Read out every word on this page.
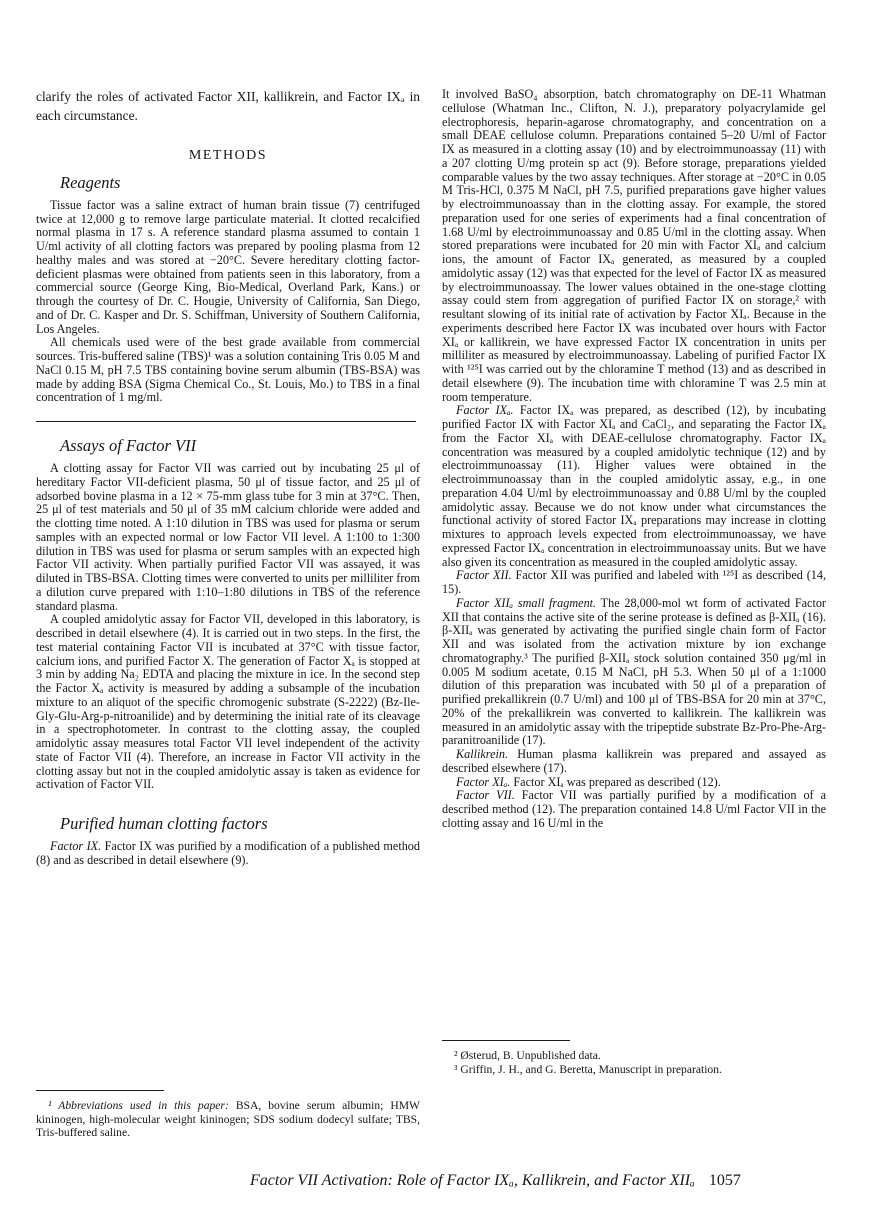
clarify the roles of activated Factor XII, kallikrein, and Factor IXₐ in each circumstance.

METHODS
Reagents

Tissue factor was a saline extract of human brain tissue (7) centrifuged twice at 12,000 g to remove large particulate material. It clotted recalcified normal plasma in 17 s. A reference standard plasma assumed to contain 1 U/ml activity of all clotting factors was prepared by pooling plasma from 12 healthy males and was stored at −20°C. Severe hereditary clotting factor-deficient plasmas were obtained from patients seen in this laboratory, from a commercial source (George King, Bio-Medical, Overland Park, Kans.) or through the courtesy of Dr. C. Hougie, University of California, San Diego, and of Dr. C. Kasper and Dr. S. Schiffman, University of Southern California, Los Angeles.

All chemicals used were of the best grade available from commercial sources. Tris-buffered saline (TBS)¹ was a solution containing Tris 0.05 M and NaCl 0.15 M, pH 7.5 TBS containing bovine serum albumin (TBS-BSA) was made by adding BSA (Sigma Chemical Co., St. Louis, Mo.) to TBS in a final concentration of 1 mg/ml.

Assays of Factor VII

A clotting assay for Factor VII was carried out by incubating 25 μl of hereditary Factor VII-deficient plasma, 50 μl of tissue factor, and 25 μl of adsorbed bovine plasma in a 12 × 75-mm glass tube for 3 min at 37°C. Then, 25 μl of test materials and 50 μl of 35 mM calcium chloride were added and the clotting time noted. A 1:10 dilution in TBS was used for plasma or serum samples with an expected normal or low Factor VII level. A 1:100 to 1:300 dilution in TBS was used for plasma or serum samples with an expected high Factor VII activity. When partially purified Factor VII was assayed, it was diluted in TBS-BSA. Clotting times were converted to units per milliliter from a dilution curve prepared with 1:10–1:80 dilutions in TBS of the reference standard plasma.

A coupled amidolytic assay for Factor VII, developed in this laboratory, is described in detail elsewhere (4). It is carried out in two steps. In the first, the test material containing Factor VII is incubated at 37°C with tissue factor, calcium ions, and purified Factor X. The generation of Factor Xₐ is stopped at 3 min by adding Na₂ EDTA and placing the mixture in ice. In the second step the Factor Xₐ activity is measured by adding a subsample of the incubation mixture to an aliquot of the specific chromogenic substrate (S-2222) (Bz-Ile-Gly-Glu-Arg-p-nitroanilide) and by determining the initial rate of its cleavage in a spectrophotometer. In contrast to the clotting assay, the coupled amidolytic assay measures total Factor VII level independent of the activity state of Factor VII (4). Therefore, an increase in Factor VII activity in the clotting assay but not in the coupled amidolytic assay is taken as evidence for activation of Factor VII.

Purified human clotting factors

Factor IX. Factor IX was purified by a modification of a published method (8) and as described in detail elsewhere (9).

¹ Abbreviations used in this paper: BSA, bovine serum albumin; HMW kininogen, high-molecular weight kininogen; SDS sodium dodecyl sulfate; TBS, Tris-buffered saline.

It involved BaSO₄ absorption, batch chromatography on DE-11 Whatman cellulose (Whatman Inc., Clifton, N. J.), preparatory polyacrylamide gel electrophoresis, heparin-agarose chromatography, and concentration on a small DEAE cellulose column. Preparations contained 5–20 U/ml of Factor IX as measured in a clotting assay (10) and by electroimmunoassay (11) with a 207 clotting U/mg protein sp act (9). Before storage, preparations yielded comparable values by the two assay techniques. After storage at −20°C in 0.05 M Tris-HCl, 0.375 M NaCl, pH 7.5, purified preparations gave higher values by electroimmunoassay than in the clotting assay. For example, the stored preparation used for one series of experiments had a final concentration of 1.68 U/ml by electroimmunoassay and 0.85 U/ml in the clotting assay. When stored preparations were incubated for 20 min with Factor XIₐ and calcium ions, the amount of Factor IXₐ generated, as measured by a coupled amidolytic assay (12) was that expected for the level of Factor IX as measured by electroimmunoassay. The lower values obtained in the one-stage clotting assay could stem from aggregation of purified Factor IX on storage,² with resultant slowing of its initial rate of activation by Factor XIₐ. Because in the experiments described here Factor IX was incubated over hours with Factor XIₐ or kallikrein, we have expressed Factor IX concentration in units per milliliter as measured by electroimmunoassay. Labeling of purified Factor IX with ¹²⁵I was carried out by the chloramine T method (13) and as described in detail elsewhere (9). The incubation time with chloramine T was 2.5 min at room temperature.

Factor IXₐ. Factor IXₐ was prepared, as described (12), by incubating purified Factor IX with Factor XIₐ and CaCl₂, and separating the Factor IXₐ from the Factor XIₐ with DEAE-cellulose chromatography. Factor IXₐ concentration was measured by a coupled amidolytic technique (12) and by electroimmunoassay (11). Higher values were obtained in the electroimmunoassay than in the coupled amidolytic assay, e.g., in one preparation 4.04 U/ml by electroimmunoassay and 0.88 U/ml by the coupled amidolytic assay. Because we do not know under what circumstances the functional activity of stored Factor IXₐ preparations may increase in clotting mixtures to approach levels expected from electroimmunoassay, we have expressed Factor IXₐ concentration in electroimmunoassay units. But we have also given its concentration as measured in the coupled amidolytic assay.

Factor XII. Factor XII was purified and labeled with ¹²⁵I as described (14, 15).

Factor XIIₐ small fragment. The 28,000-mol wt form of activated Factor XII that contains the active site of the serine protease is defined as β-XIIₐ (16). β-XIIₐ was generated by activating the purified single chain form of Factor XII and was isolated from the activation mixture by ion exchange chromatography.³ The purified β-XIIₐ stock solution contained 350 μg/ml in 0.005 M sodium acetate, 0.15 M NaCl, pH 5.3. When 50 μl of a 1:1000 dilution of this preparation was incubated with 50 μl of a preparation of purified prekallikrein (0.7 U/ml) and 100 μl of TBS-BSA for 20 min at 37°C, 20% of the prekallikrein was converted to kallikrein. The kallikrein was measured in an amidolytic assay with the tripeptide substrate Bz-Pro-Phe-Arg-paranitroanilide (17).

Kallikrein. Human plasma kallikrein was prepared and assayed as described elsewhere (17).

Factor XIₐ. Factor XIₐ was prepared as described (12).

Factor VII. Factor VII was partially purified by a modification of a described method (12). The preparation contained 14.8 U/ml Factor VII in the clotting assay and 16 U/ml in the

² Østerud, B. Unpublished data.

³ Griffin, J. H., and G. Beretta, Manuscript in preparation.

Factor VII Activation: Role of Factor IXₐ, Kallikrein, and Factor XIIₐ 1057
